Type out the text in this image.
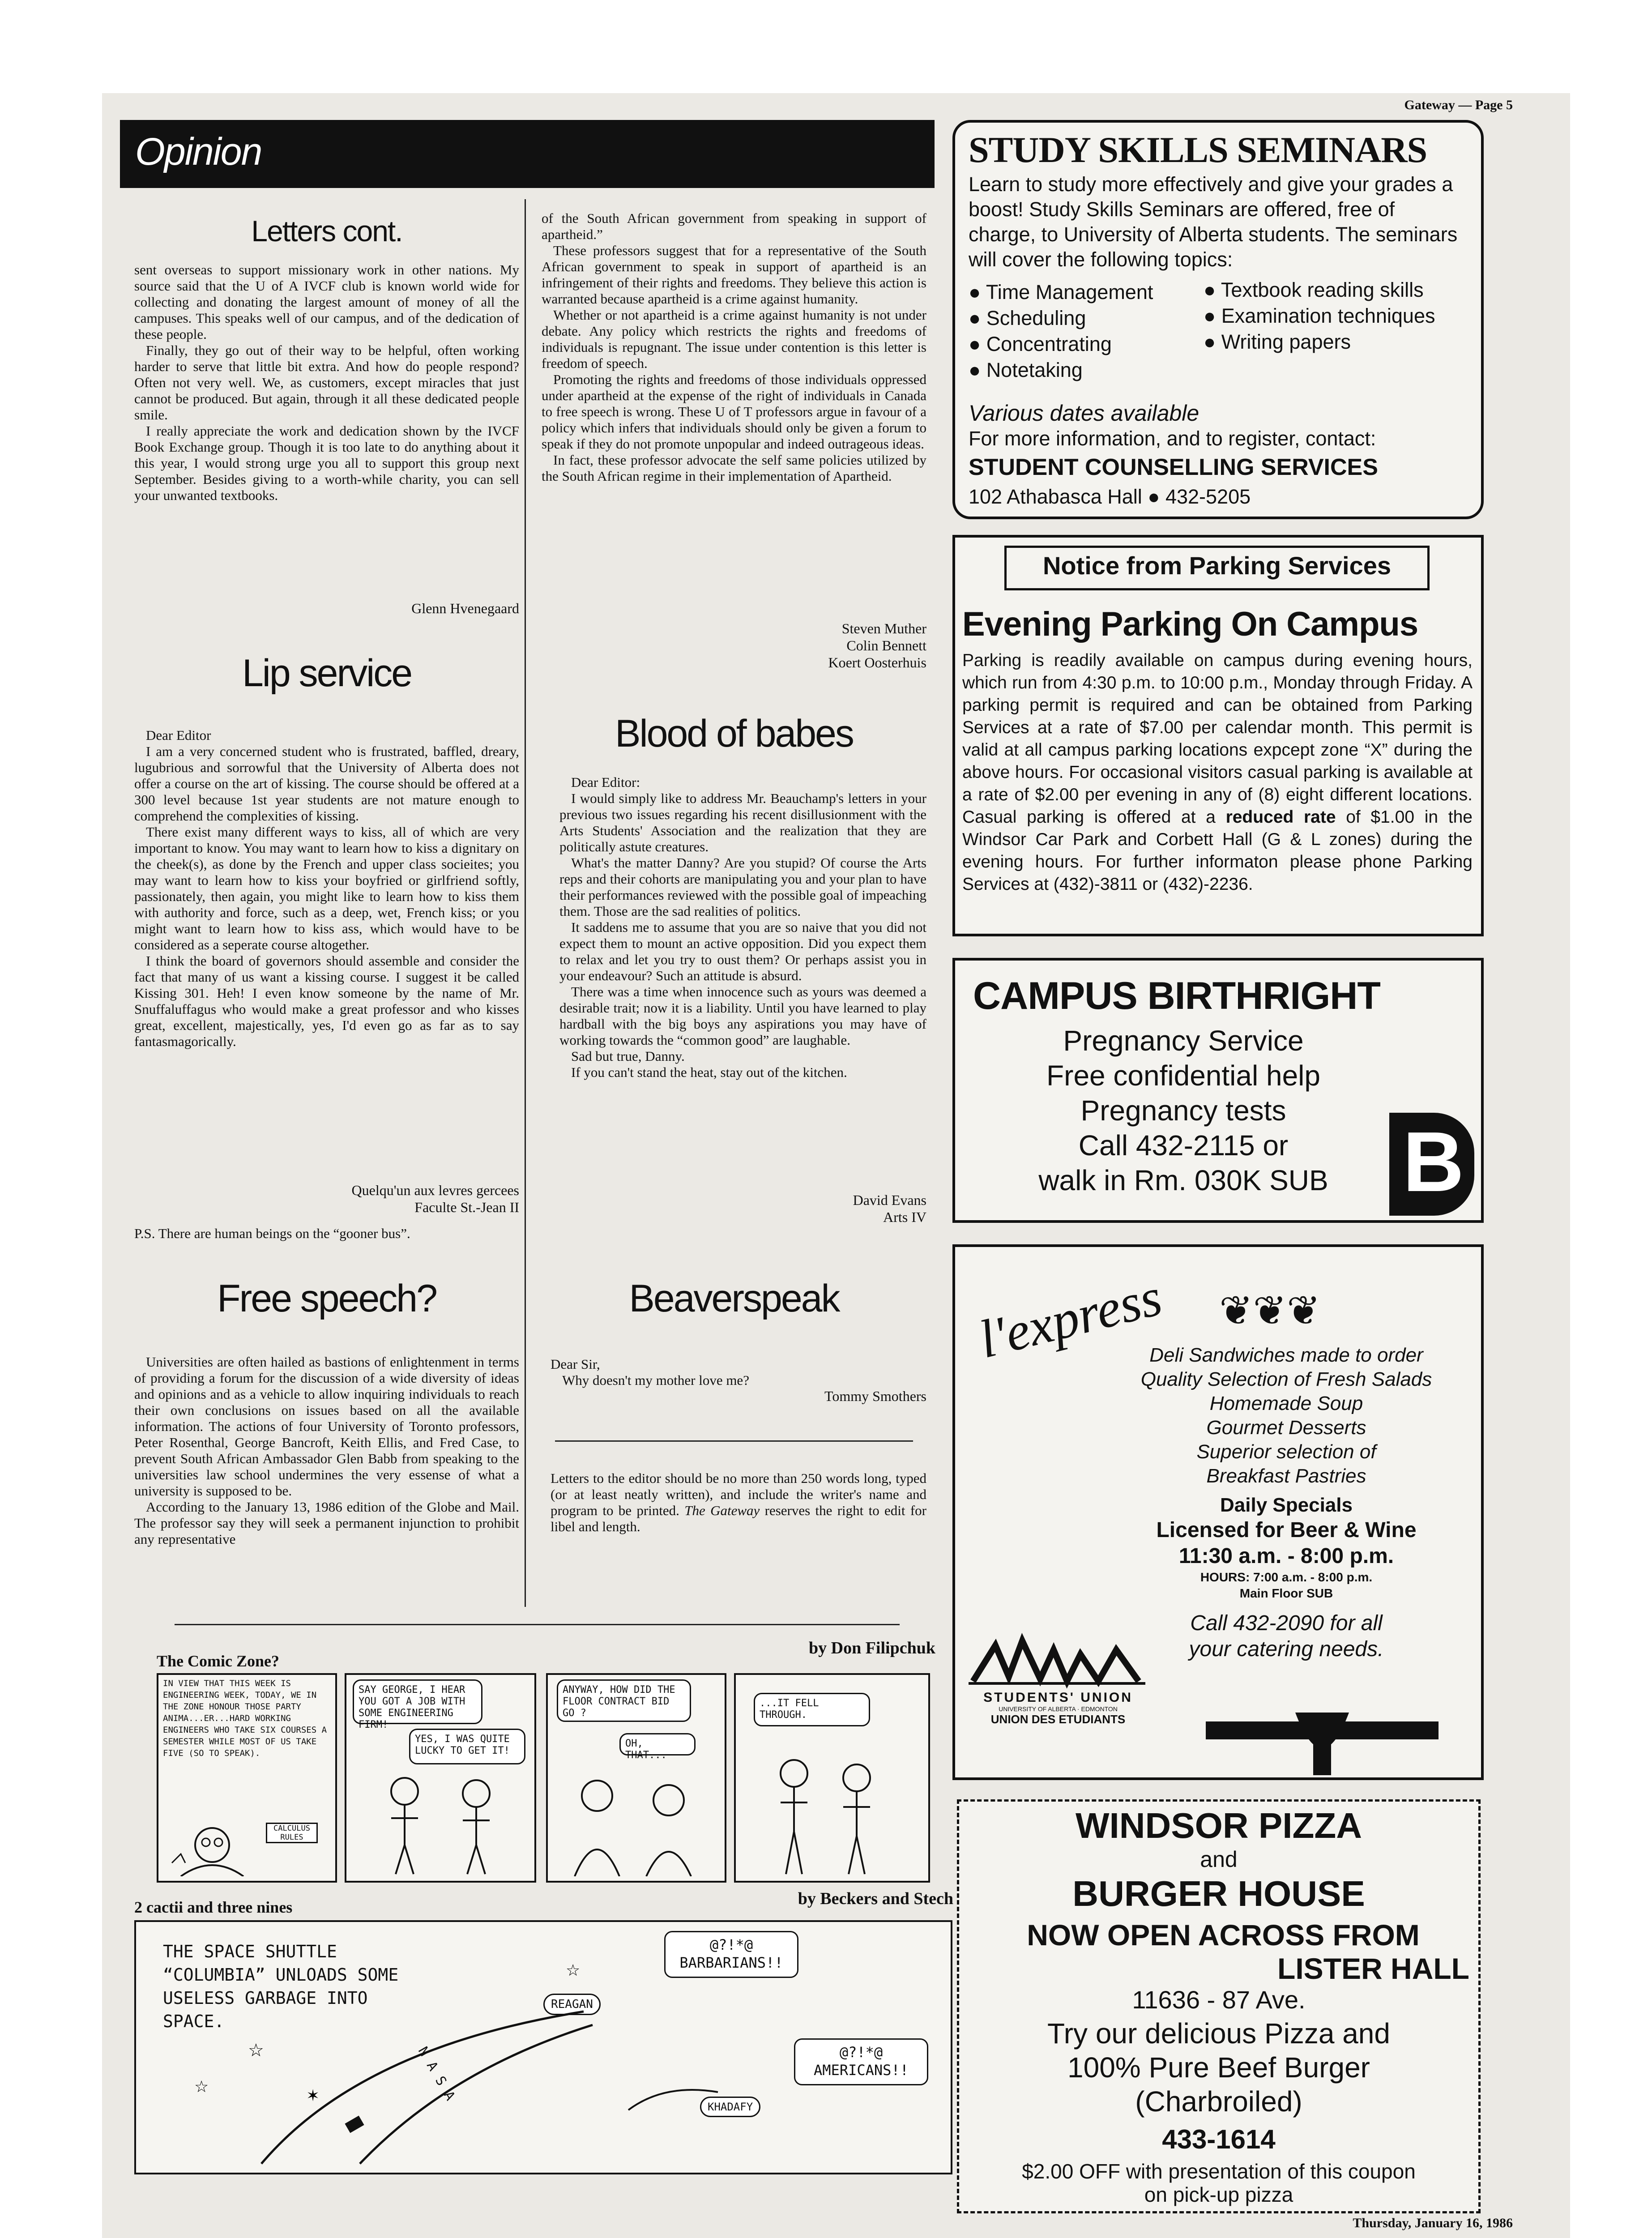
Gateway — Page 5
Opinion
Letters cont.

sent overseas to support missionary work in other nations. My source said that the U of A IVCF club is known world wide for collecting and donating the largest amount of money of all the campuses. This speaks well of our campus, and of the dedication of these people.

Finally, they go out of their way to be helpful, often working harder to serve that little bit extra. And how do people respond? Often not very well. We, as customers, except miracles that just cannot be produced. But again, through it all these dedicated people smile.

I really appreciate the work and dedication shown by the IVCF Book Exchange group. Though it is too late to do anything about it this year, I would strong urge you all to support this group next September. Besides giving to a worth-while charity, you can sell your unwanted textbooks.

Glenn Hvenegaard
Lip service

Dear Editor

I am a very concerned student who is frustrated, baffled, dreary, lugubrious and sorrowful that the University of Alberta does not offer a course on the art of kissing. The course should be offered at a 300 level because 1st year students are not mature enough to comprehend the complexities of kissing.

There exist many different ways to kiss, all of which are very important to know. You may want to learn how to kiss a dignitary on the cheek(s), as done by the French and upper class socieites; you may want to learn how to kiss your boyfried or girlfriend softly, passionately, then again, you might like to learn how to kiss them with authority and force, such as a deep, wet, French kiss; or you might want to learn how to kiss ass, which would have to be considered as a seperate course altogether.

I think the board of governors should assemble and consider the fact that many of us want a kissing course. I suggest it be called Kissing 301. Heh! I even know someone by the name of Mr. Snuffaluffagus who would make a great professor and who kisses great, excellent, majestically, yes, I'd even go as far as to say fantasmagorically.

Quelqu'un aux levres gercees
Faculte St.-Jean II
P.S. There are human beings on the “gooner bus”.
Free speech?

Universities are often hailed as bastions of enlightenment in terms of providing a forum for the discussion of a wide diversity of ideas and opinions and as a vehicle to allow inquiring individuals to reach their own conclusions on issues based on all the available information. The actions of four University of Toronto professors, Peter Rosenthal, George Bancroft, Keith Ellis, and Fred Case, to prevent South African Ambassador Glen Babb from speaking to the universities law school undermines the very essense of what a university is supposed to be.

According to the January 13, 1986 edition of the Globe and Mail. The professor say they will seek a permanent injunction to prohibit any representative

of the South African government from speaking in support of apartheid.”

These professors suggest that for a representative of the South African government to speak in support of apartheid is an infringement of their rights and freedoms. They believe this action is warranted because apartheid is a crime against humanity.

Whether or not apartheid is a crime against humanity is not under debate. Any policy which restricts the rights and freedoms of individuals is repugnant. The issue under contention is this letter is freedom of speech.

Promoting the rights and freedoms of those individuals oppressed under apartheid at the expense of the right of individuals in Canada to free speech is wrong. These U of T professors argue in favour of a policy which infers that individuals should only be given a forum to speak if they do not promote unpopular and indeed outrageous ideas.

In fact, these professor advocate the self same policies utilized by the South African regime in their implementation of Apartheid.

Steven Muther
Colin Bennett
Koert Oosterhuis
Blood of babes

Dear Editor:

I would simply like to address Mr. Beauchamp's letters in your previous two issues regarding his recent disillusionment with the Arts Students' Association and the realization that they are politically astute creatures.

What's the matter Danny? Are you stupid? Of course the Arts reps and their cohorts are manipulating you and your plan to have their performances reviewed with the possible goal of impeaching them. Those are the sad realities of politics.

It saddens me to assume that you are so naive that you did not expect them to mount an active opposition. Did you expect them to relax and let you try to oust them? Or perhaps assist you in your endeavour? Such an attitude is absurd.

There was a time when innocence such as yours was deemed a desirable trait; now it is a liability. Until you have learned to play hardball with the big boys any aspirations you may have of working towards the “common good” are laughable.

Sad but true, Danny.

If you can't stand the heat, stay out of the kitchen.

David Evans
Arts IV
Beaverspeak

Dear Sir,

Why doesn't my mother love me?

Tommy Smothers

Letters to the editor should be no more than 250 words long, typed (or at least neatly written), and include the writer's name and program to be printed. The Gateway reserves the right to edit for libel and length.

The Comic Zone?
by Don Filipchuk
IN VIEW THAT THIS WEEK IS ENGINEERING WEEK, TODAY, WE IN THE ZONE HONOUR THOSE PARTY ANIMA...ER...HARD WORKING ENGINEERS WHO TAKE SIX COURSES A SEMESTER WHILE MOST OF US TAKE FIVE (SO TO SPEAK).
CALCULUS RULES
SAY GEORGE, I HEAR YOU GOT A JOB WITH SOME ENGINEERING FIRM!
YES, I WAS QUITE LUCKY TO GET IT!
ANYWAY, HOW DID THE FLOOR CONTRACT BID GO ?
OH, THAT...
...IT FELL THROUGH.
2 cactii and three nines	by Beckers and Stech
THE SPACE SHUTTLE “COLUMBIA” UNLOADS SOME USELESS GARBAGE INTO SPACE.
@?!*@ BARBARIANS!!
@?!*@ AMERICANS!!
REAGAN
KHADAFY
NASA
☆
✶
☆
☆
STUDY SKILLS SEMINARS
Learn to study more effectively and give your grades a boost! Study Skills Seminars are offered, free of charge, to University of Alberta students. The seminars will cover the following topics:
● Time Management
● Scheduling
● Concentrating
● Notetaking
● Textbook reading skills
● Examination techniques
● Writing papers
Various dates available
For more information, and to register, contact:
STUDENT COUNSELLING SERVICES
102 Athabasca Hall ● 432-5205
Notice from Parking Services
Evening Parking On Campus
Parking is readily available on campus during evening hours, which run from 4:30 p.m. to 10:00 p.m., Monday through Friday. A parking permit is required and can be obtained from Parking Services at a rate of $7.00 per calendar month. This permit is valid at all campus parking locations expcept zone “X” during the above hours. For occasional visitors casual parking is available at a rate of $2.00 per evening in any of (8) eight different locations. Casual parking is offered at a reduced rate of $1.00 in the Windsor Car Park and Corbett Hall (G & L zones) during the evening hours. For further informaton please phone Parking Services at (432)-3811 or (432)-2236.
CAMPUS BIRTHRIGHT
Pregnancy Service
Free confidential help
Pregnancy tests
Call 432-2115 or
walk in Rm. 030K SUB B
l'express ❦❦❦
Deli Sandwiches made to order
Quality Selection of Fresh Salads
Homemade Soup
Gourmet Desserts
Superior selection of
Breakfast Pastries
Daily Specials
Licensed for Beer & Wine
11:30 a.m. - 8:00 p.m.
HOURS: 7:00 a.m. - 8:00 p.m.
Main Floor SUB
Call 432-2090 for all
your catering needs.
STUDENTS' UNION
UNIVERSITY OF ALBERTA · EDMONTON
UNION DES ETUDIANTS
WINDSOR PIZZA
and
BURGER HOUSE
NOW OPEN ACROSS FROM
LISTER HALL
11636 - 87 Ave.
Try our delicious Pizza and
100% Pure Beef Burger
(Charbroiled)
433-1614
$2.00 OFF with presentation of this coupon
on pick-up pizza
Thursday, January 16, 1986
